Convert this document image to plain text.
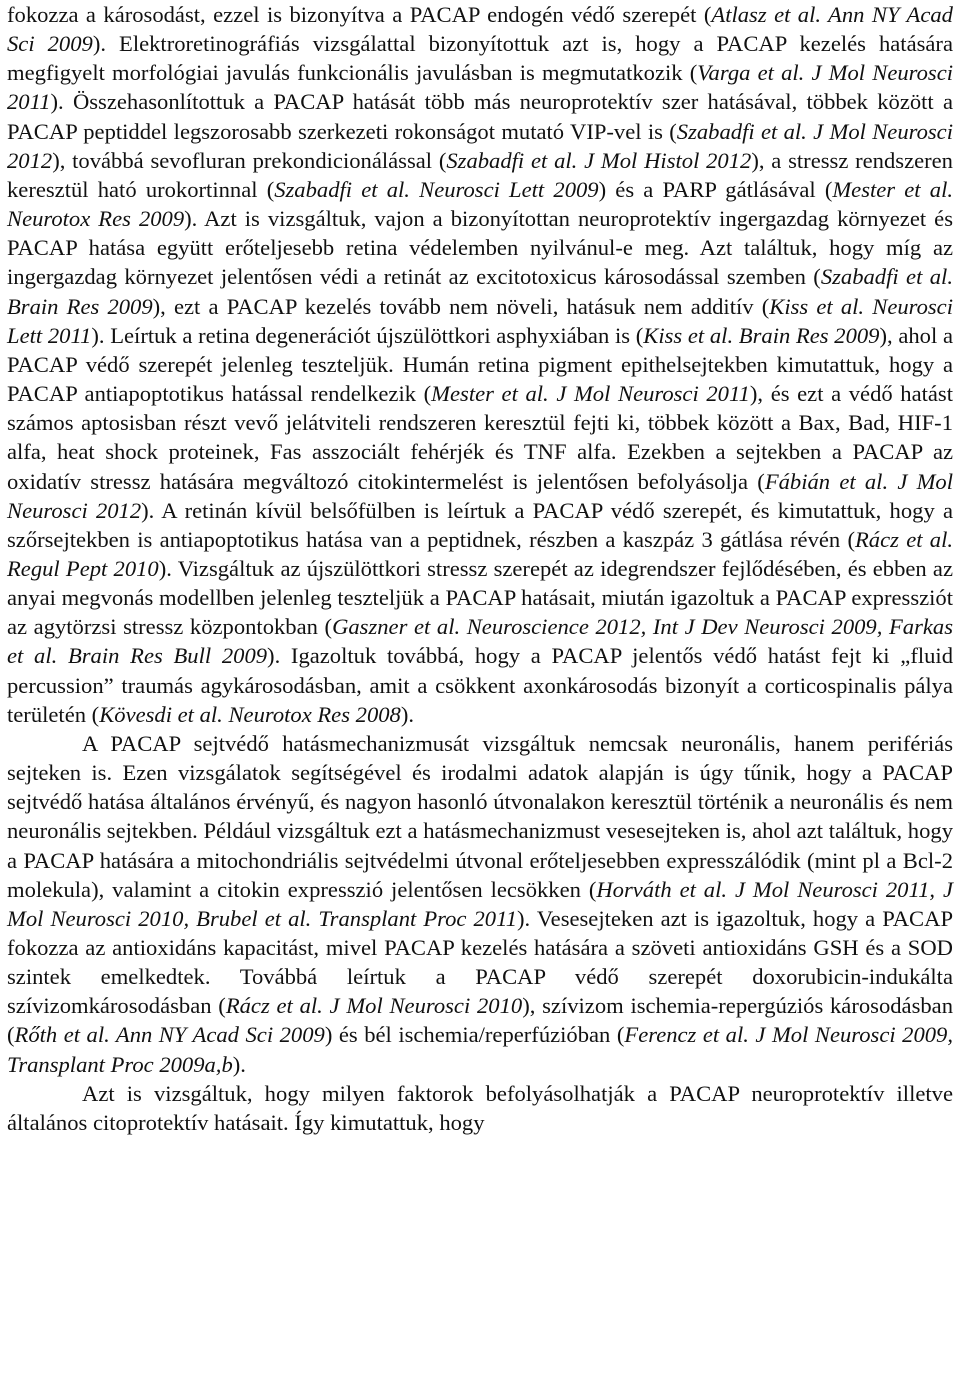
fokozza a károsodást, ezzel is bizonyítva a PACAP endogén védő szerepét (Atlasz et al. Ann NY Acad Sci 2009). Elektroretinográfiás vizsgálattal bizonyítottuk azt is, hogy a PACAP kezelés hatására megfigyelt morfológiai javulás funkcionális javulásban is megmutatkozik (Varga et al. J Mol Neurosci 2011). Összehasonlítottuk a PACAP hatását több más neuroprotektív szer hatásával, többek között a PACAP peptiddel legszorosabb szerkezeti rokonságot mutató VIP-vel is (Szabadfi et al. J Mol Neurosci 2012), továbbá sevofluran prekondicionálással (Szabadfi et al. J Mol Histol 2012), a stressz rendszeren keresztül ható urokortinnal (Szabadfi et al. Neurosci Lett 2009) és a PARP gátlásával (Mester et al. Neurotox Res 2009). Azt is vizsgáltuk, vajon a bizonyítottan neuroprotektív ingergazdag környezet és PACAP hatása együtt erőteljesebb retina védelemben nyilvánul-e meg. Azt találtuk, hogy míg az ingergazdag környezet jelentősen védi a retinát az excitotoxicus károsodással szemben (Szabadfi et al. Brain Res 2009), ezt a PACAP kezelés tovább nem növeli, hatásuk nem additív (Kiss et al. Neurosci Lett 2011). Leírtuk a retina degenerációt újszülöttkori asphyxiában is (Kiss et al. Brain Res 2009), ahol a PACAP védő szerepét jelenleg teszteljük. Humán retina pigment epithelsejtekben kimutattuk, hogy a PACAP antiapoptotikus hatással rendelkezik (Mester et al. J Mol Neurosci 2011), és ezt a védő hatást számos aptosisban részt vevő jelátviteli rendszeren keresztül fejti ki, többek között a Bax, Bad, HIF-1 alfa, heat shock proteinek, Fas asszociált fehérjék és TNF alfa. Ezekben a sejtekben a PACAP az oxidatív stressz hatására megváltozó citokintermelést is jelentősen befolyásolja (Fábián et al. J Mol Neurosci 2012). A retinán kívül belsőfülben is leírtuk a PACAP védő szerepét, és kimutattuk, hogy a szőrsejtekben is antiapoptotikus hatása van a peptidnek, részben a kaszpáz 3 gátlása révén (Rácz et al. Regul Pept 2010). Vizsgáltuk az újszülöttkori stressz szerepét az idegrendszer fejlődésében, és ebben az anyai megvonás modellben jelenleg teszteljük a PACAP hatásait, miután igazoltuk a PACAP expressziót az agytörzsi stressz központokban (Gaszner et al. Neuroscience 2012, Int J Dev Neurosci 2009, Farkas et al. Brain Res Bull 2009). Igazoltuk továbbá, hogy a PACAP jelentős védő hatást fejt ki „fluid percussion” traumás agykárosodásban, amit a csökkent axonkárosodás bizonyít a corticospinalis pálya területén (Kövesdi et al. Neurotox Res 2008).

A PACAP sejtvédő hatásmechanizmusát vizsgáltuk nemcsak neuronális, hanem perifériás sejteken is. Ezen vizsgálatok segítségével és irodalmi adatok alapján is úgy tűnik, hogy a PACAP sejtvédő hatása általános érvényű, és nagyon hasonló útvonalakon keresztül történik a neuronális és nem neuronális sejtekben. Például vizsgáltuk ezt a hatásmechanizmust vesesejteken is, ahol azt találtuk, hogy a PACAP hatására a mitochondriális sejtvédelmi útvonal erőteljesebben expresszálódik (mint pl a Bcl-2 molekula), valamint a citokin expresszió jelentősen lecsökken (Horváth et al. J Mol Neurosci 2011, J Mol Neurosci 2010, Brubel et al. Transplant Proc 2011). Vesesejteken azt is igazoltuk, hogy a PACAP fokozza az antioxidáns kapacitást, mivel PACAP kezelés hatására a szöveti antioxidáns GSH és a SOD szintek emelkedtek. Továbbá leírtuk a PACAP védő szerepét doxorubicin-indukálta szívizomkárosodásban (Rácz et al. J Mol Neurosci 2010), szívizom ischemia-repergúziós károsodásban (Rőth et al. Ann NY Acad Sci 2009) és bél ischemia/reperfúzióban (Ferencz et al. J Mol Neurosci 2009, Transplant Proc 2009a,b).

Azt is vizsgáltuk, hogy milyen faktorok befolyásolhatják a PACAP neuroprotektív illetve általános citoprotektív hatásait. Így kimutattuk, hogy
